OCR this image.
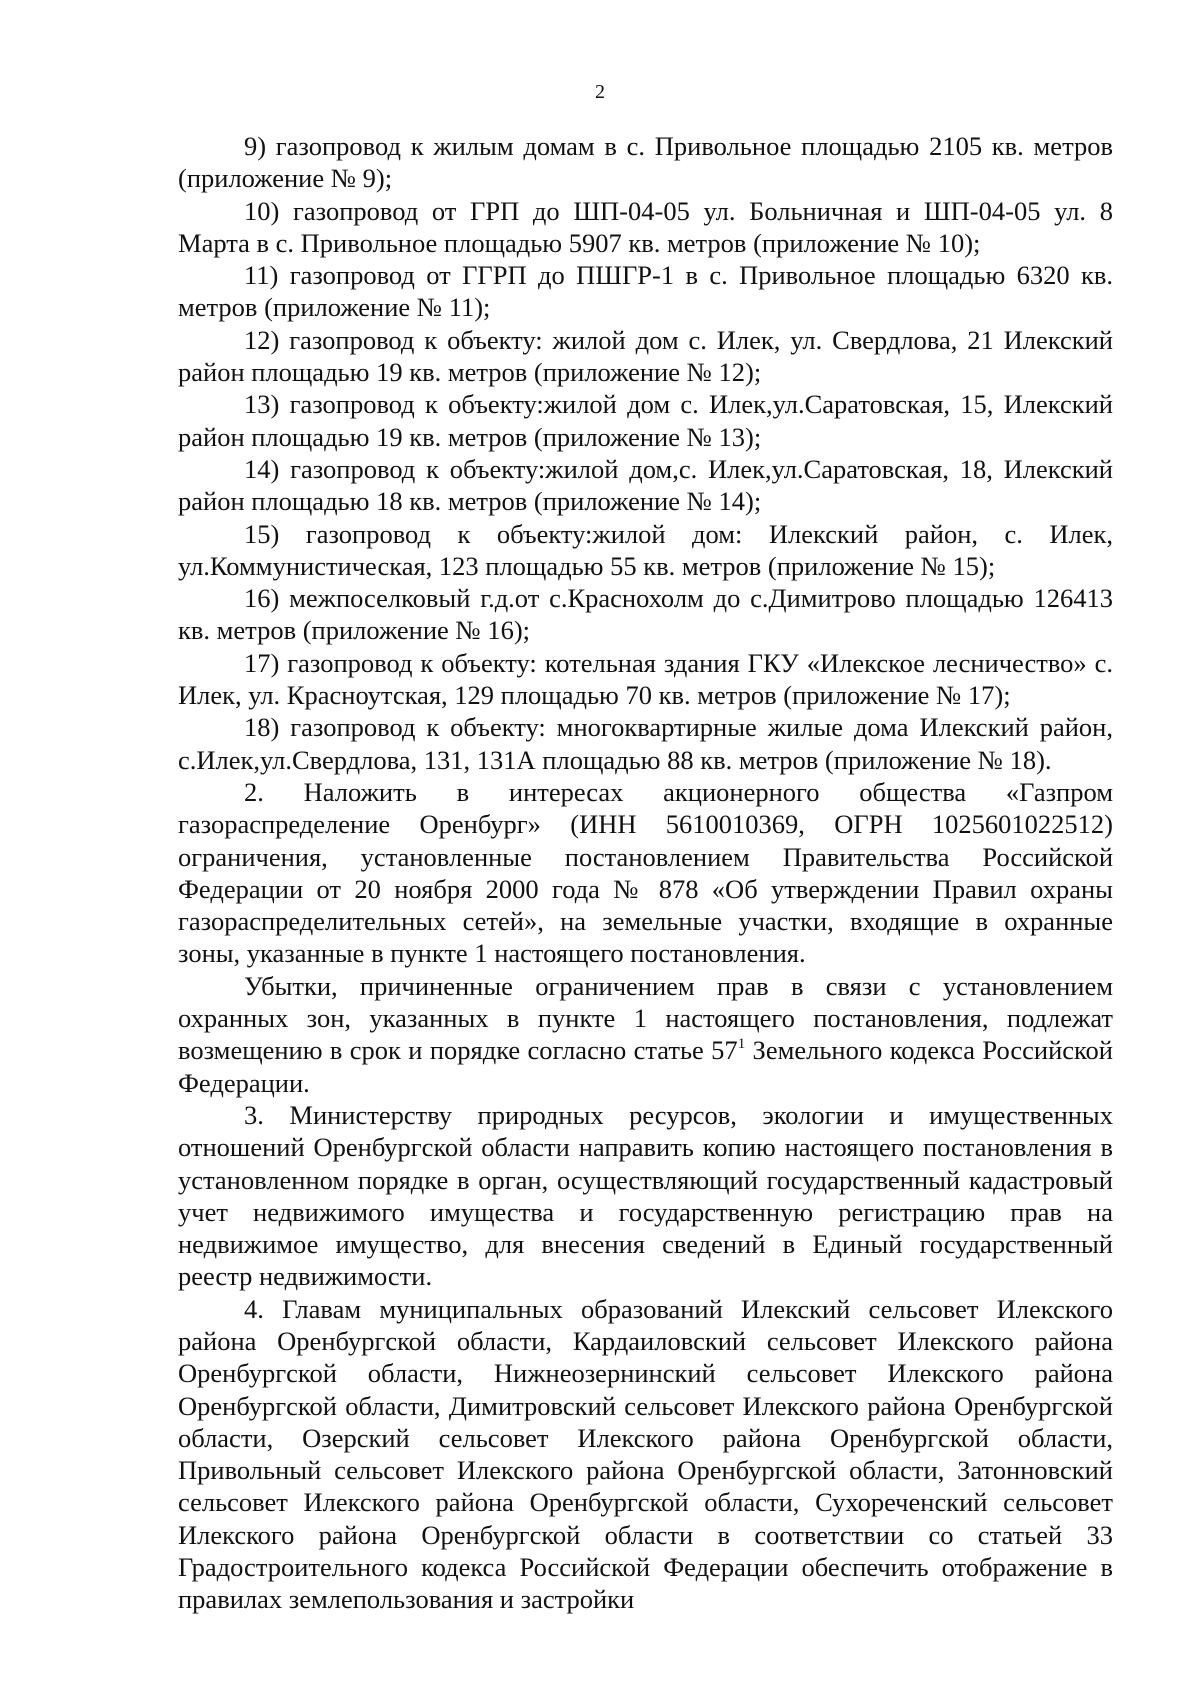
2

9) газопровод к жилым домам в с. Привольное площадью 2105 кв. метров (приложение № 9);

10) газопровод от ГРП до ШП-04-05 ул. Больничная и ШП-04-05 ул. 8 Марта в с. Привольное площадью 5907 кв. метров (приложение № 10);

11) газопровод от ГГРП до ПШГР-1 в с. Привольное площадью 6320 кв. метров (приложение № 11);

12) газопровод к объекту: жилой дом с. Илек, ул. Свердлова, 21 Илекский район площадью 19 кв. метров (приложение № 12);

13) газопровод к объекту:жилой дом с. Илек,ул.Саратовская, 15, Илекский район площадью 19 кв. метров (приложение № 13);

14) газопровод к объекту:жилой дом,с. Илек,ул.Саратовская, 18, Илекский район площадью 18 кв. метров (приложение № 14);

15) газопровод к объекту:жилой дом: Илекский район, с. Илек, ул.Коммунистическая, 123 площадью 55 кв. метров (приложение № 15);

16) межпоселковый г.д.от с.Краснохолм до с.Димитрово площадью 126413 кв. метров (приложение № 16);

17) газопровод к объекту: котельная здания ГКУ «Илекское лесничество» с. Илек, ул. Красноутская, 129 площадью 70 кв. метров (приложение № 17);

18) газопровод к объекту: многоквартирные жилые дома Илекский район, с.Илек,ул.Свердлова, 131, 131А площадью 88 кв. метров (приложение № 18).

2. Наложить в интересах акционерного общества «Газпром газораспределение Оренбург» (ИНН 5610010369, ОГРН 1025601022512) ограничения, установленные постановлением Правительства Российской Федерации от 20 ноября 2000 года № 878 «Об утверждении Правил охраны газораспределительных сетей», на земельные участки, входящие в охранные зоны, указанные в пункте 1 настоящего постановления.

Убытки, причиненные ограничением прав в связи с установлением охранных зон, указанных в пункте 1 настоящего постановления, подлежат возмещению в срок и порядке согласно статье $57^1$ Земельного кодекса Российской Федерации.

3. Министерству природных ресурсов, экологии и имущественных отношений Оренбургской области направить копию настоящего постановления в установленном порядке в орган, осуществляющий государственный кадастровый учет недвижимого имущества и государственную регистрацию прав на недвижимое имущество, для внесения сведений в Единый государственный реестр недвижимости.

4. Главам муниципальных образований Илекский сельсовет Илекского района Оренбургской области, Кардаиловский сельсовет Илекского района Оренбургской области, Нижнеозернинский сельсовет Илекского района Оренбургской области, Димитровский сельсовет Илекского района Оренбургской области, Озерский сельсовет Илекского района Оренбургской области, Привольный сельсовет Илекского района Оренбургской области, Затонновский сельсовет Илекского района Оренбургской области, Сухореченский сельсовет Илекского района Оренбургской области в соответствии со статьей 33 Градостроительного кодекса Российской Федерации обеспечить отображение в правилах землепользования и застройки
